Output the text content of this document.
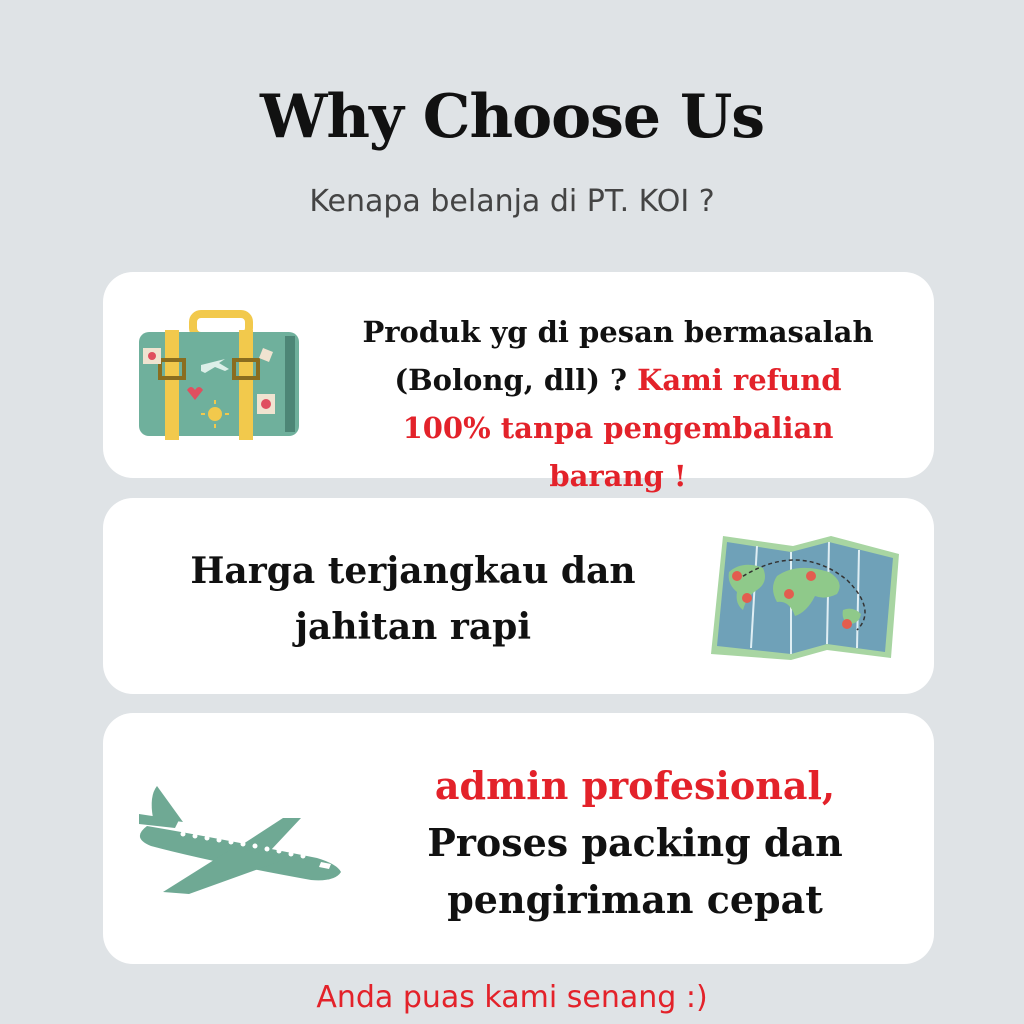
Why Choose Us
Kenapa belanja di PT. KOI ?
Produk yg di pesan bermasalah (Bolong, dll) ? Kami refund 100% tanpa pengembalian barang !
Harga terjangkau dan
jahitan rapi
admin profesional, Proses packing dan pengiriman cepat
Anda puas kami senang :)
